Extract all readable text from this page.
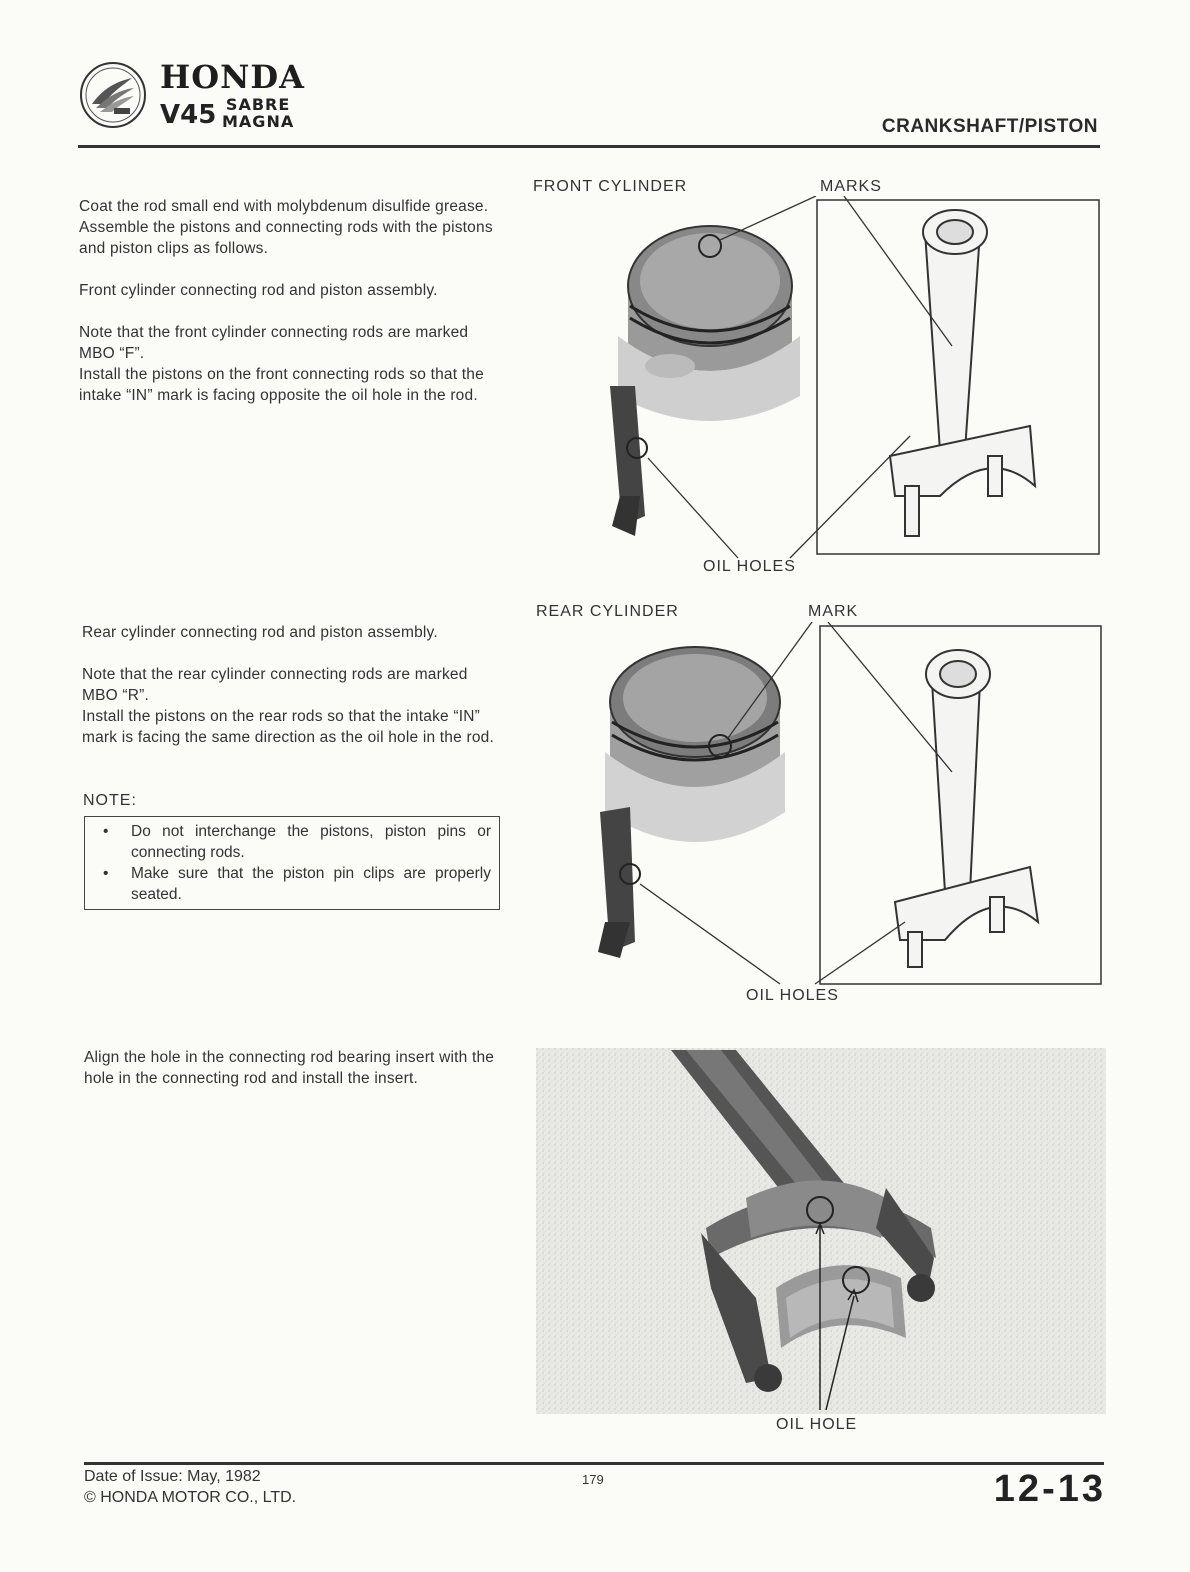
HONDA
V45 SABRE
MAGNA	CRANKSHAFT/PISTON

Coat the rod small end with molybdenum disulfide grease.

Assemble the pistons and connecting rods with the pistons and piston clips as follows.

Front cylinder connecting rod and piston assembly.

Note that the front cylinder connecting rods are marked MBO “F”.

Install the pistons on the front connecting rods so that the intake “IN” mark is facing opposite the oil hole in the rod.

Rear cylinder connecting rod and piston assembly.

Note that the rear cylinder connecting rods are marked MBO “R”.

Install the pistons on the rear rods so that the intake “IN” mark is facing the same direction as the oil hole in the rod.

NOTE:
• Do not interchange the pistons, piston pins or connecting rods.
• Make sure that the piston pin clips are properly seated.

Align the hole in the connecting rod bearing insert with the hole in the connecting rod and install the insert.

FRONT CYLINDER	MARKS
OIL HOLES
REAR CYLINDER	MARK
OIL HOLES
OIL HOLE
Date of Issue: May, 1982
© HONDA MOTOR CO., LTD.
179	12-13
